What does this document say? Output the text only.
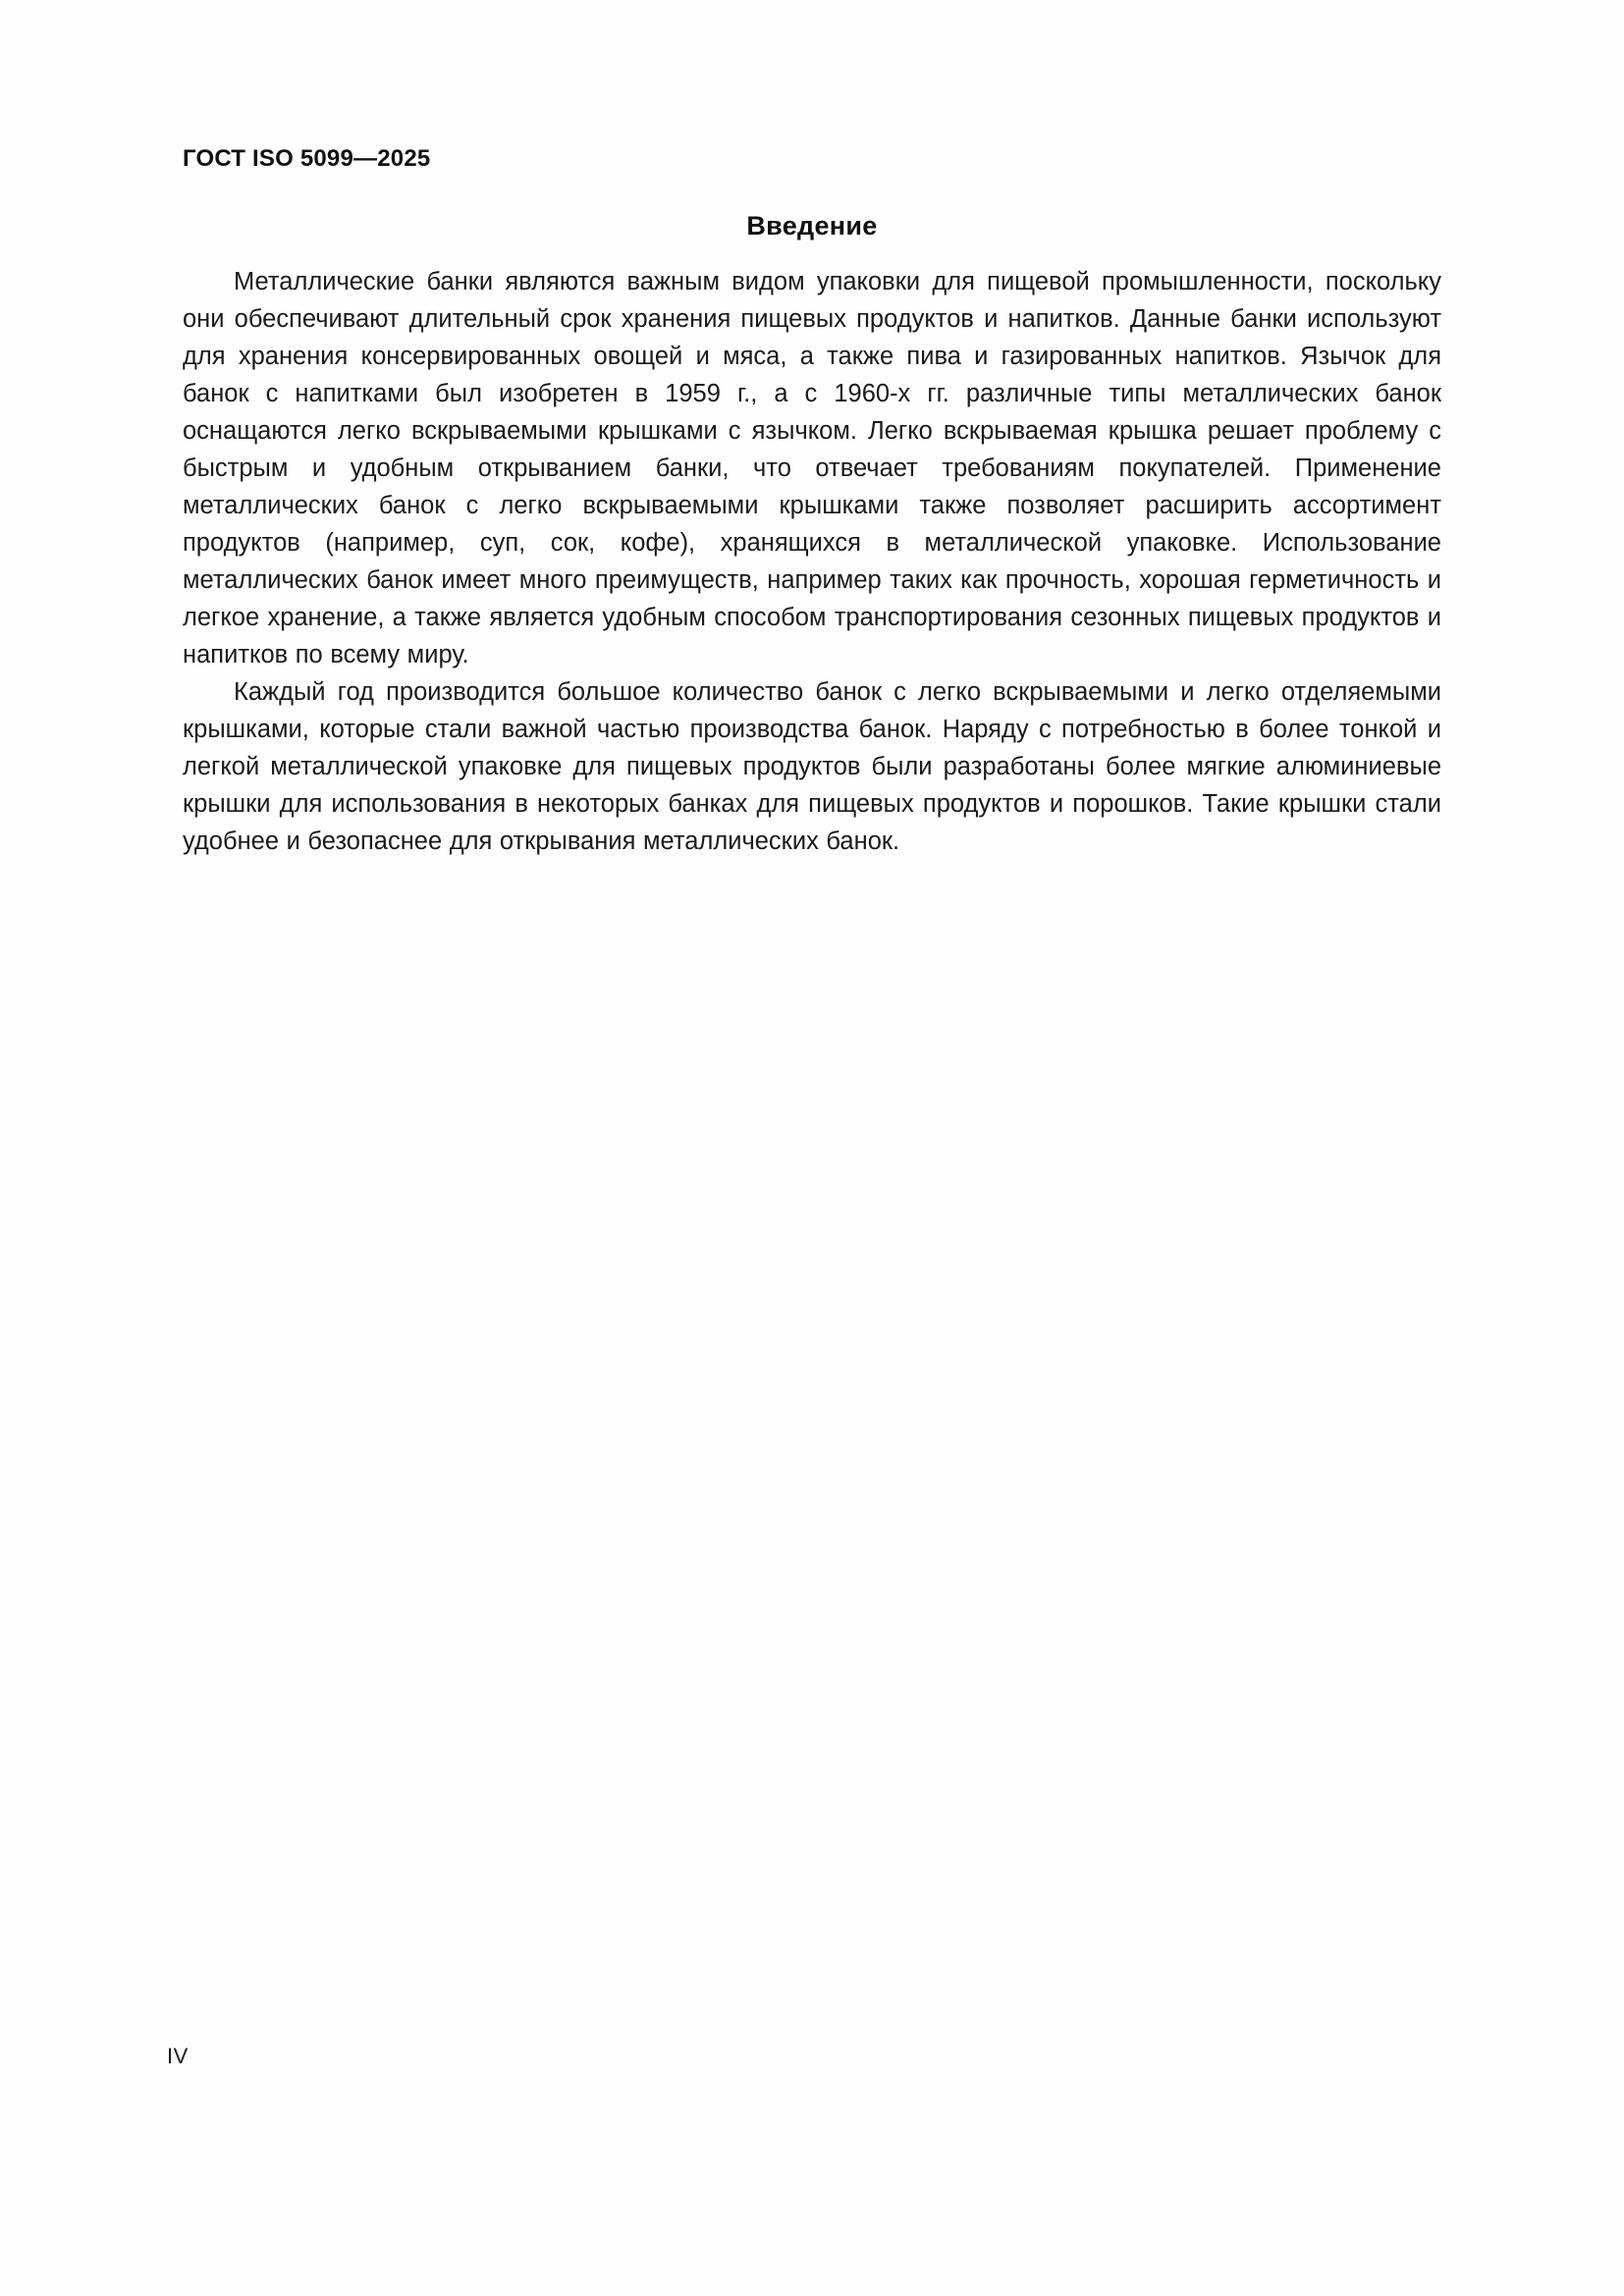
ГОСТ ISO 5099—2025
Введение

Металлические банки являются важным видом упаковки для пищевой промышленности, поскольку они обеспечивают длительный срок хранения пищевых продуктов и напитков. Данные банки используют для хранения консервированных овощей и мяса, а также пива и газированных напитков. Язычок для банок с напитками был изобретен в 1959 г., а с 1960-х гг. различные типы металлических банок оснащаются легко вскрываемыми крышками с язычком. Легко вскрываемая крышка решает проблему с быстрым и удобным открыванием банки, что отвечает требованиям покупателей. Применение металлических банок с легко вскрываемыми крышками также позволяет расширить ассортимент продуктов (например, суп, сок, кофе), хранящихся в металлической упаковке. Использование металлических банок имеет много преимуществ, например таких как прочность, хорошая герметичность и легкое хранение, а также является удобным способом транспортирования сезонных пищевых продуктов и напитков по всему миру.

Каждый год производится большое количество банок с легко вскрываемыми и легко отделяемыми крышками, которые стали важной частью производства банок. Наряду с потребностью в более тонкой и легкой металлической упаковке для пищевых продуктов были разработаны более мягкие алюминиевые крышки для использования в некоторых банках для пищевых продуктов и порошков. Такие крышки стали удобнее и безопаснее для открывания металлических банок.

IV
